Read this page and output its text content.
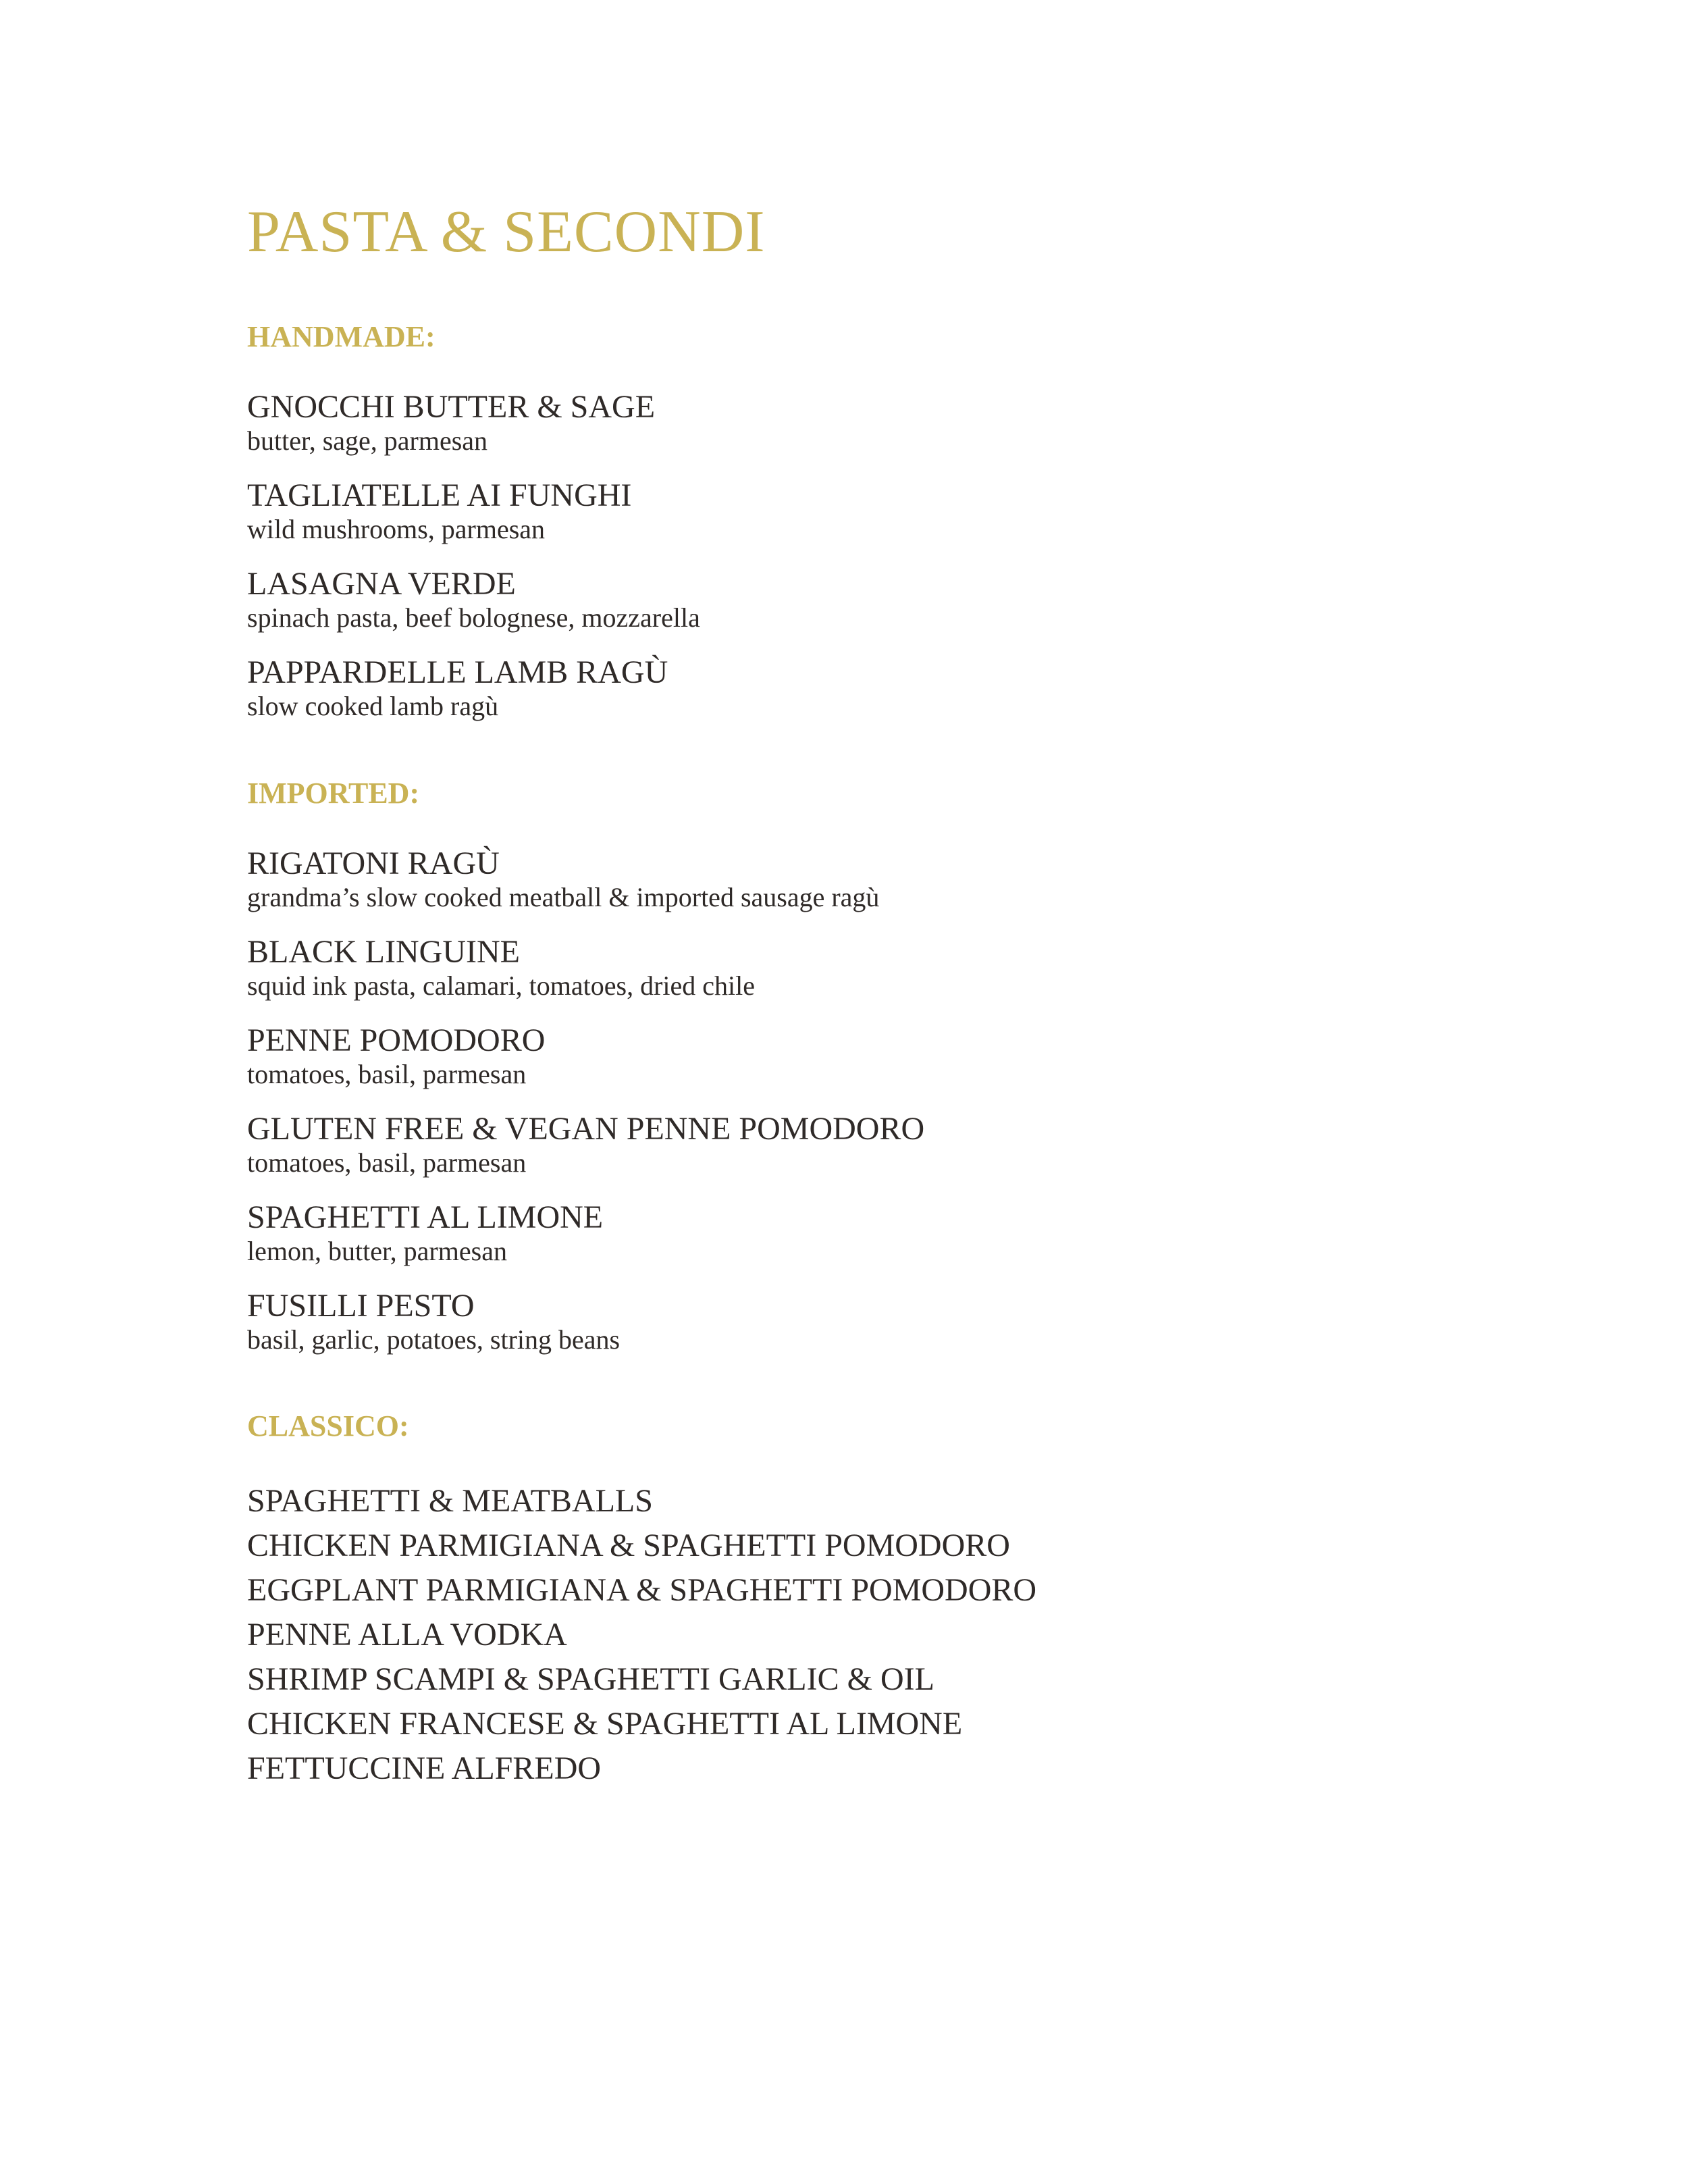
PASTA & SECONDI
HANDMADE:
GNOCCHI BUTTER & SAGE
butter, sage, parmesan
TAGLIATELLE AI FUNGHI
wild mushrooms, parmesan
LASAGNA VERDE
spinach pasta, beef bolognese, mozzarella
PAPPARDELLE LAMB RAGÙ
slow cooked lamb ragù
IMPORTED:
RIGATONI RAGÙ
grandma’s slow cooked meatball & imported sausage ragù
BLACK LINGUINE
squid ink pasta, calamari, tomatoes, dried chile
PENNE POMODORO
tomatoes, basil, parmesan
GLUTEN FREE & VEGAN PENNE POMODORO
tomatoes, basil, parmesan
SPAGHETTI AL LIMONE
lemon, butter, parmesan
FUSILLI PESTO
basil, garlic, potatoes, string beans
CLASSICO:
SPAGHETTI & MEATBALLS
CHICKEN PARMIGIANA & SPAGHETTI POMODORO
EGGPLANT PARMIGIANA & SPAGHETTI POMODORO
PENNE ALLA VODKA
SHRIMP SCAMPI & SPAGHETTI GARLIC & OIL
CHICKEN FRANCESE & SPAGHETTI AL LIMONE
FETTUCCINE ALFREDO
